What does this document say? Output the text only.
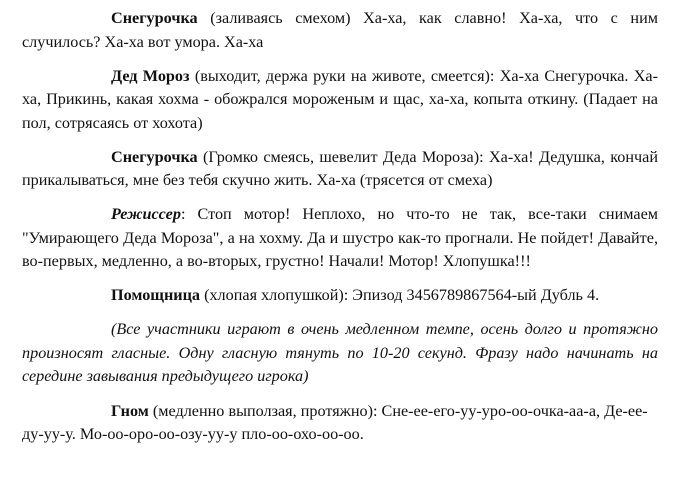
Снегурочка (заливаясь смехом) Ха-ха, как славно! Ха-ха, что с ним случилось? Ха-ха вот умора. Ха-ха

Дед Мороз (выходит, держа руки на животе, смеется): Ха-ха Снегурочка. Ха-ха, Прикинь, какая хохма - обожрался мороженым и щас, ха-ха, копыта откину. (Падает на пол, сотрясаясь от хохота)

Снегурочка (Громко смеясь, шевелит Деда Мороза): Ха-ха! Дедушка, кончай прикалываться, мне без тебя скучно жить. Ха-ха (трясется от смеха)

Режиссер: Стоп мотор! Неплохо, но что-то не так, все-таки снимаем "Умирающего Деда Мороза", а на хохму. Да и шустро как-то прогнали. Не пойдет! Давайте, во-первых, медленно, а во-вторых, грустно! Начали! Мотор! Хлопушка!!!

Помощница (хлопая хлопушкой): Эпизод 3456789867564-ый Дубль 4.

(Все участники играют в очень медленном темпе, осень долго и протяжно произносят гласные. Одну гласную тянуть по 10-20 секунд. Фразу надо начинать на середине завывания предыдущего игрока)

Гном (медленно выползая, протяжно): Сне-ее-его-уу-уро-оо-очка-аа-а, Де-ее-ду-уу-у. Мо-оо-оро-оо-озу-уу-у пло-оо-охо-оо-оо.
